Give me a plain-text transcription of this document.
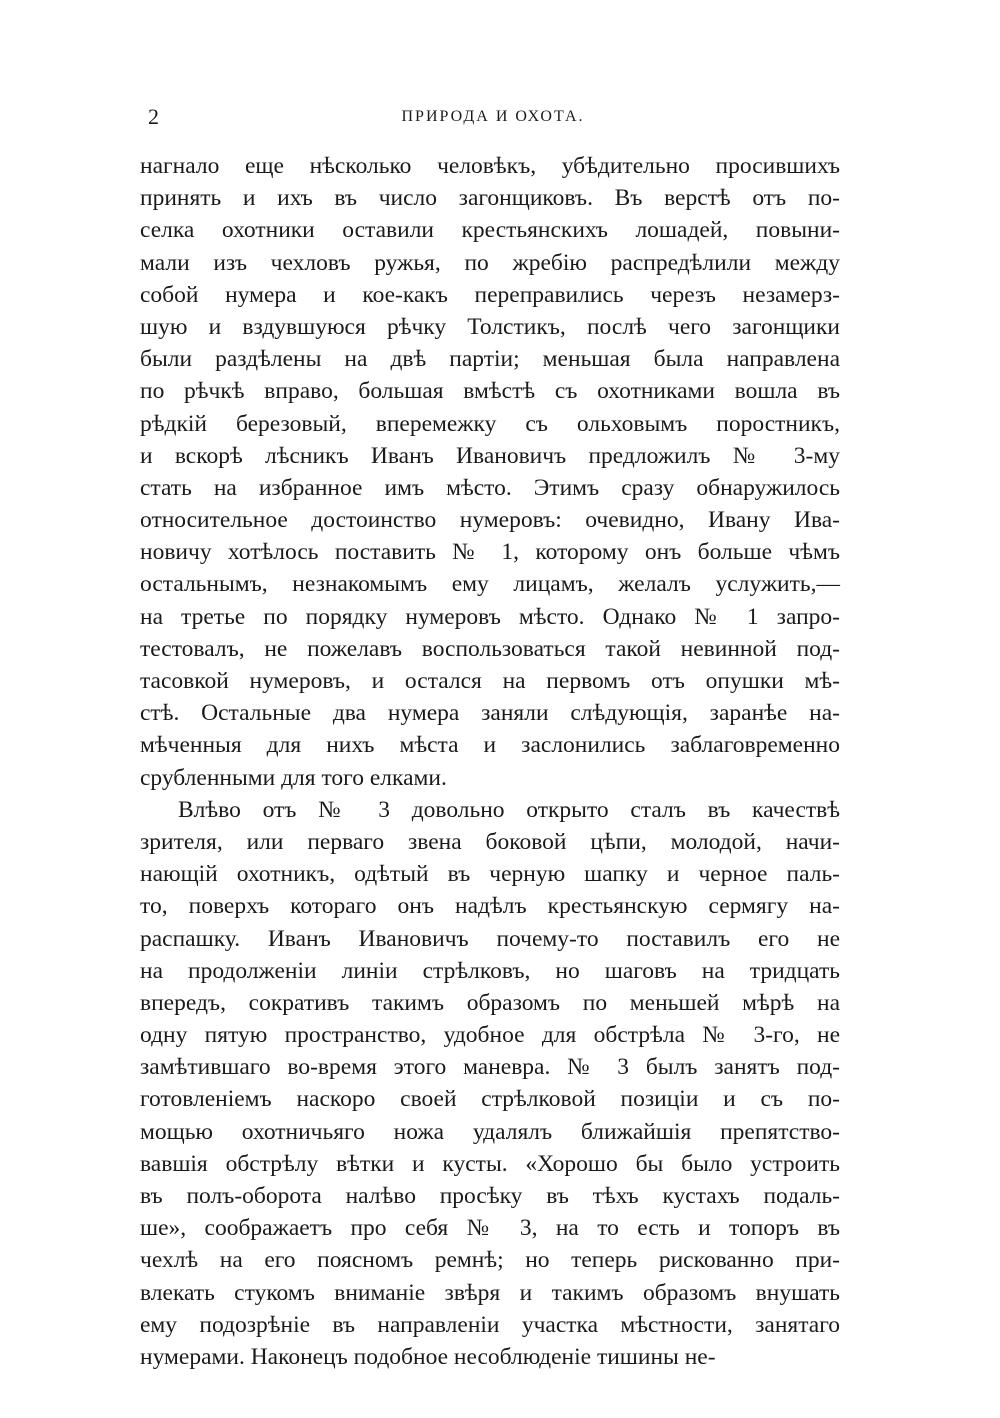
2	ПРИРОДА И ОХОТА.
нагнало еще нѣсколько человѣкъ, убѣдительно просившихъ
принять и ихъ въ число загонщиковъ. Въ верстѣ отъ по-
селка охотники оставили крестьянскихъ лошадей, повыни-
мали изъ чехловъ ружья, по жребію распредѣлили между
собой нумера и кое-какъ переправились черезъ незамерз-
шую и вздувшуюся рѣчку Толстикъ, послѣ чего загонщики
были раздѣлены на двѣ партіи; меньшая была направлена
по рѣчкѣ вправо, большая вмѣстѣ съ охотниками вошла въ
рѣдкій березовый, вперемежку съ ольховымъ поростникъ,
и вскорѣ лѣсникъ Иванъ Ивановичъ предложилъ № 3-му
стать на избранное имъ мѣсто. Этимъ сразу обнаружилось
относительное достоинство нумеровъ: очевидно, Ивану Ива-
новичу хотѣлось поставить № 1, которому онъ больше чѣмъ
остальнымъ, незнакомымъ ему лицамъ, желалъ услужить,—
на третье по порядку нумеровъ мѣсто. Однако № 1 запро-
тестовалъ, не пожелавъ воспользоваться такой невинной под-
тасовкой нумеровъ, и остался на первомъ отъ опушки мѣ-
стѣ. Остальные два нумера заняли слѣдующія, заранѣе на-
мѣченныя для нихъ мѣста и заслонились заблаговременно
срубленными для того елками.
Влѣво отъ № 3 довольно открыто сталъ въ качествѣ
зрителя, или перваго звена боковой цѣпи, молодой, начи-
нающій охотникъ, одѣтый въ черную шапку и черное паль-
то, поверхъ котораго онъ надѣлъ крестьянскую сермягу на-
распашку. Иванъ Ивановичъ почему-то поставилъ его не
на продолженіи линіи стрѣлковъ, но шаговъ на тридцать
впередъ, сокративъ такимъ образомъ по меньшей мѣрѣ на
одну пятую пространство, удобное для обстрѣла № 3-го, не
замѣтившаго во-время этого маневра. № 3 былъ занятъ под-
готовленіемъ наскоро своей стрѣлковой позиціи и съ по-
мощью охотничьяго ножа удалялъ ближайшія препятство-
вавшія обстрѣлу вѣтки и кусты. «Хорошо бы было устроить
въ полъ-оборота налѣво просѣку въ тѣхъ кустахъ подаль-
ше», соображаетъ про себя № 3, на то есть и топоръ въ
чехлѣ на его поясномъ ремнѣ; но теперь рискованно при-
влекать стукомъ вниманіе звѣря и такимъ образомъ внушать
ему подозрѣніе въ направленіи участка мѣстности, занятаго
нумерами. Наконецъ подобное несоблюденіе тишины не-
